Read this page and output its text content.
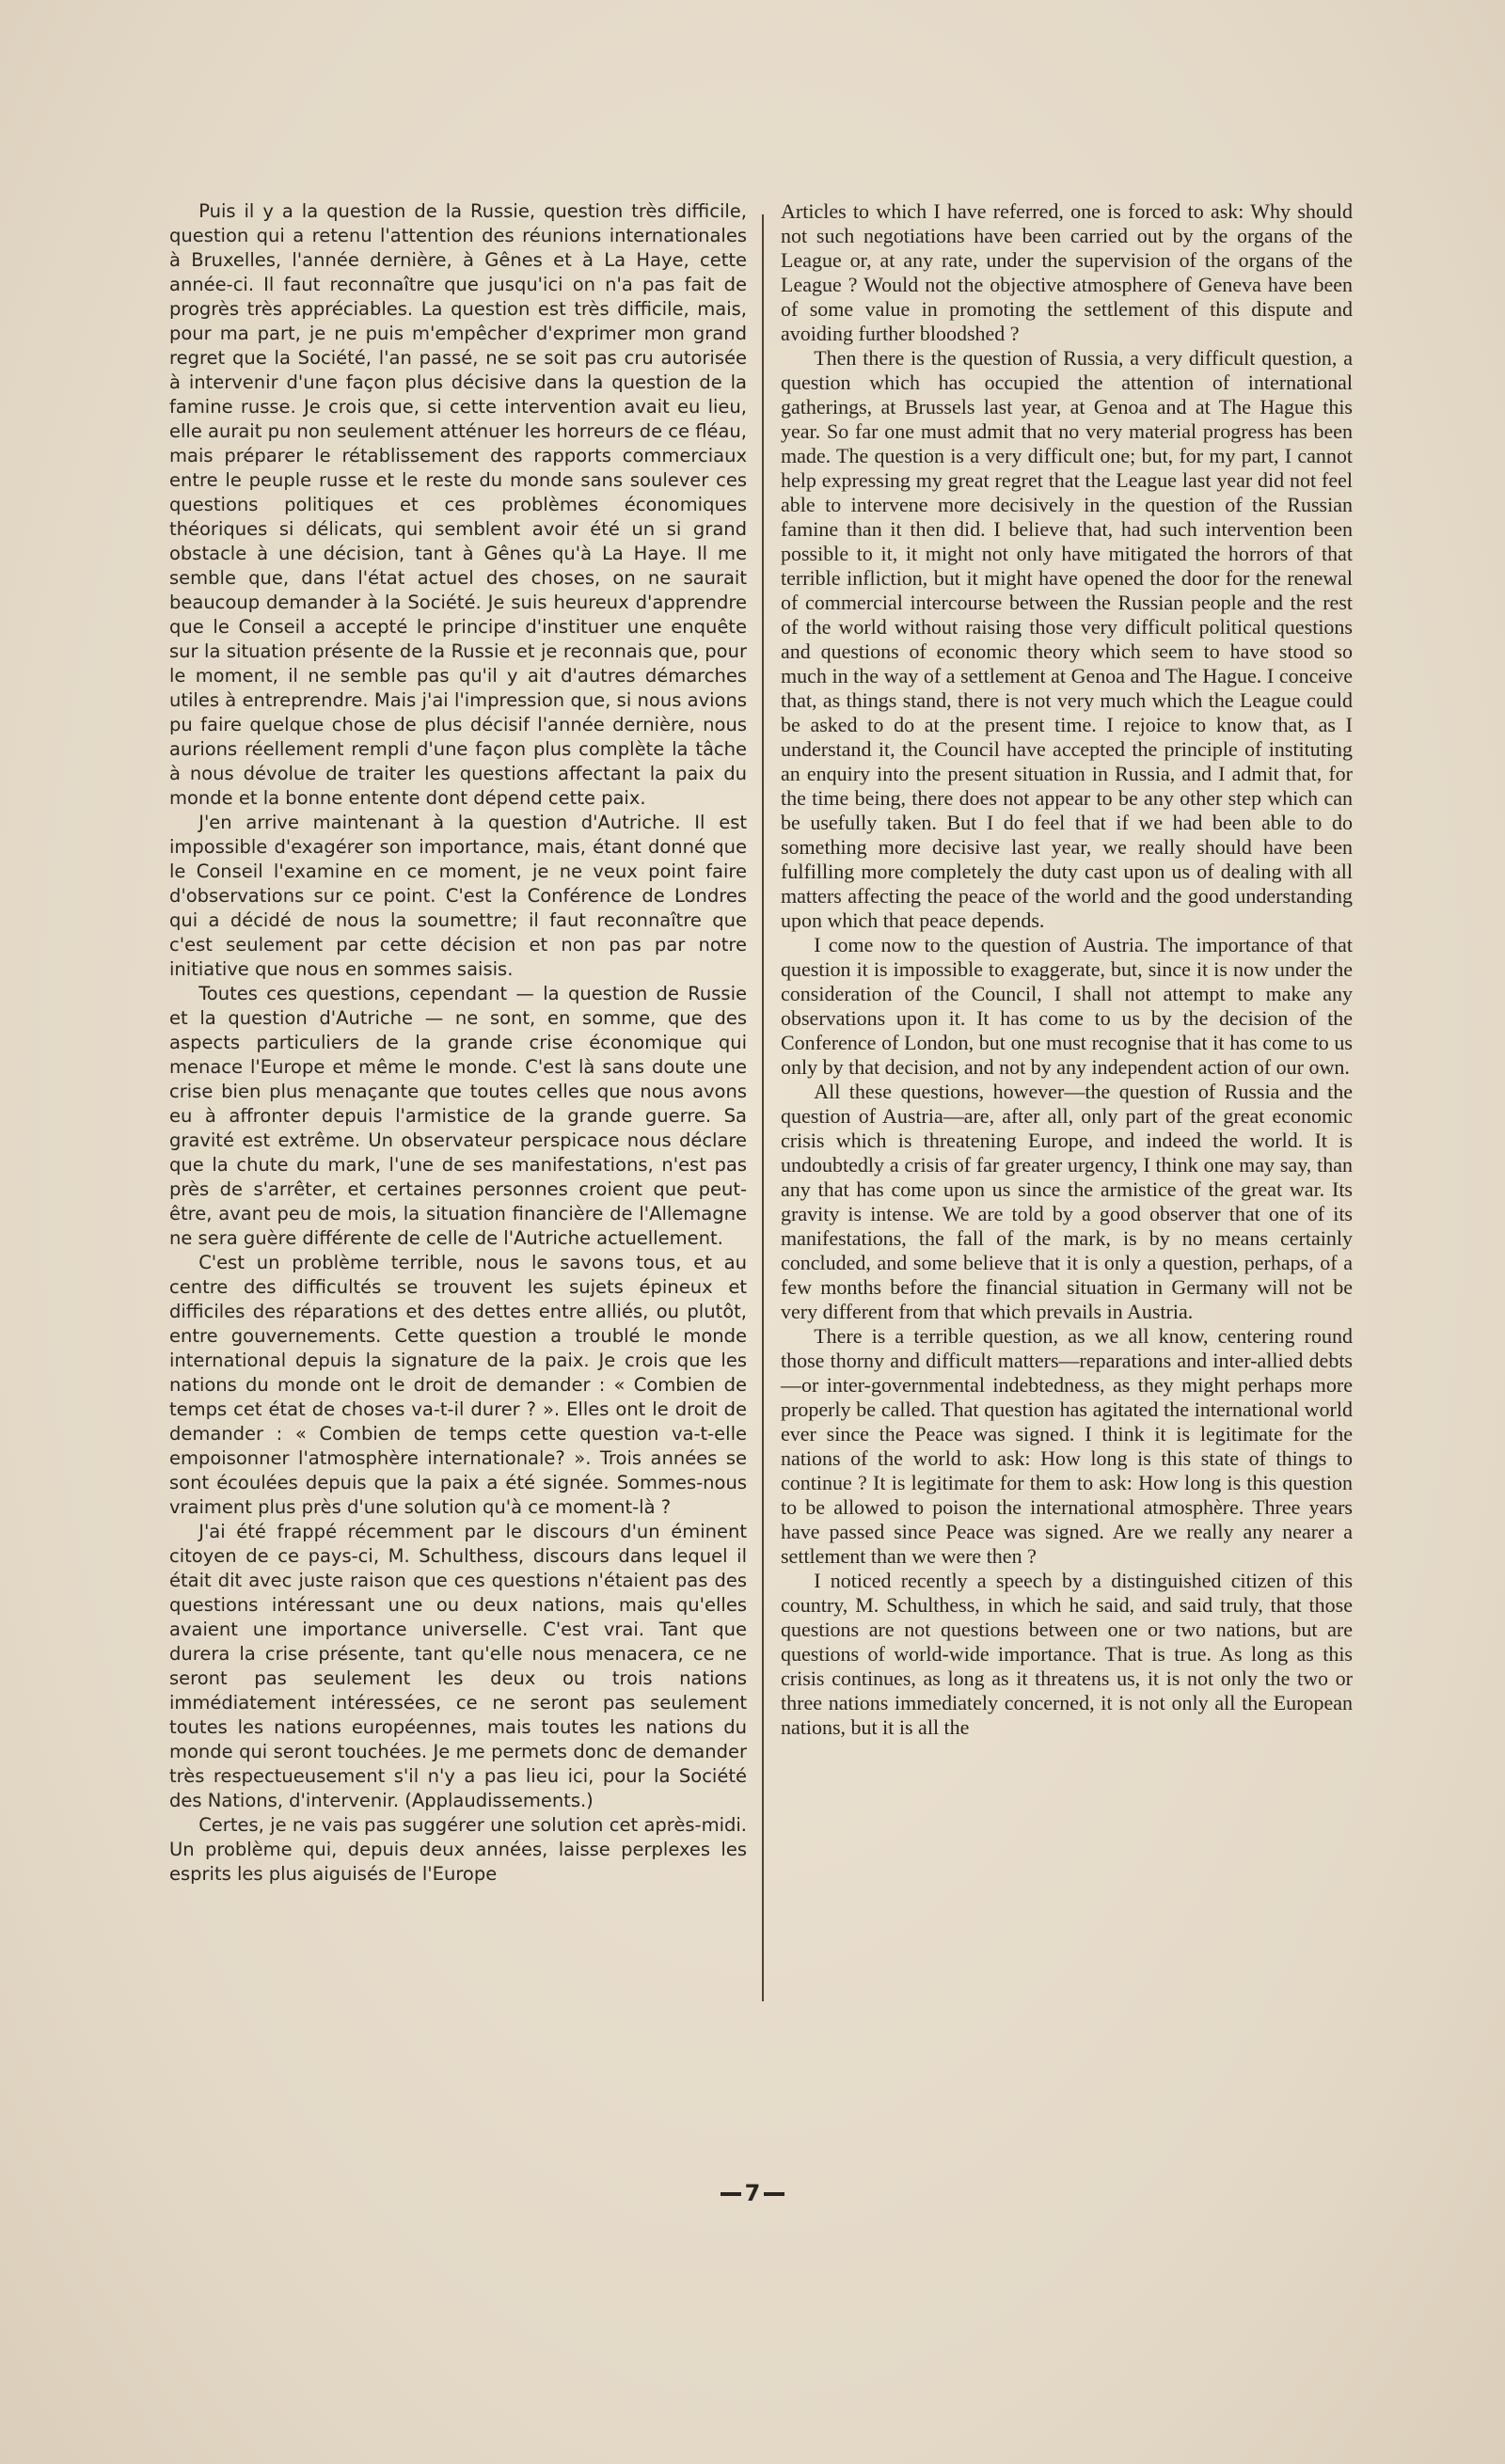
Puis il y a la question de la Russie, question très difficile, question qui a retenu l'attention des réunions internationales à Bruxelles, l'année dernière, à Gênes et à La Haye, cette année-ci. Il faut reconnaître que jusqu'ici on n'a pas fait de progrès très appréciables. La question est très difficile, mais, pour ma part, je ne puis m'empêcher d'exprimer mon grand regret que la Société, l'an passé, ne se soit pas cru autorisée à intervenir d'une façon plus décisive dans la question de la famine russe. Je crois que, si cette intervention avait eu lieu, elle aurait pu non seulement atténuer les horreurs de ce fléau, mais préparer le rétablissement des rapports commerciaux entre le peuple russe et le reste du monde sans soulever ces questions politiques et ces problèmes économiques théoriques si délicats, qui semblent avoir été un si grand obstacle à une décision, tant à Gênes qu'à La Haye. Il me semble que, dans l'état actuel des choses, on ne saurait beaucoup demander à la Société. Je suis heureux d'apprendre que le Conseil a accepté le principe d'instituer une enquête sur la situation présente de la Russie et je reconnais que, pour le moment, il ne semble pas qu'il y ait d'autres démarches utiles à entreprendre. Mais j'ai l'impression que, si nous avions pu faire quelque chose de plus décisif l'année dernière, nous aurions réellement rempli d'une façon plus complète la tâche à nous dévolue de traiter les questions affectant la paix du monde et la bonne entente dont dépend cette paix.

J'en arrive maintenant à la question d'Autriche. Il est impossible d'exagérer son importance, mais, étant donné que le Conseil l'examine en ce moment, je ne veux point faire d'observations sur ce point. C'est la Conférence de Londres qui a décidé de nous la soumettre; il faut reconnaître que c'est seulement par cette décision et non pas par notre initiative que nous en sommes saisis.

Toutes ces questions, cependant — la question de Russie et la question d'Autriche — ne sont, en somme, que des aspects particuliers de la grande crise économique qui menace l'Europe et même le monde. C'est là sans doute une crise bien plus menaçante que toutes celles que nous avons eu à affronter depuis l'armistice de la grande guerre. Sa gravité est extrême. Un observateur perspicace nous déclare que la chute du mark, l'une de ses manifestations, n'est pas près de s'arrêter, et certaines personnes croient que peut-être, avant peu de mois, la situation financière de l'Allemagne ne sera guère différente de celle de l'Autriche actuellement.

C'est un problème terrible, nous le savons tous, et au centre des difficultés se trouvent les sujets épineux et difficiles des réparations et des dettes entre alliés, ou plutôt, entre gouvernements. Cette question a troublé le monde international depuis la signature de la paix. Je crois que les nations du monde ont le droit de demander : « Combien de temps cet état de choses va-t-il durer ? ». Elles ont le droit de demander : « Combien de temps cette question va-t-elle empoisonner l'atmosphère internationale? ». Trois années se sont écoulées depuis que la paix a été signée. Sommes-nous vraiment plus près d'une solution qu'à ce moment-là ?

J'ai été frappé récemment par le discours d'un éminent citoyen de ce pays-ci, M. Schulthess, discours dans lequel il était dit avec juste raison que ces questions n'étaient pas des questions intéressant une ou deux nations, mais qu'elles avaient une importance universelle. C'est vrai. Tant que durera la crise présente, tant qu'elle nous menacera, ce ne seront pas seulement les deux ou trois nations immédiatement intéressées, ce ne seront pas seulement toutes les nations européennes, mais toutes les nations du monde qui seront touchées. Je me permets donc de demander très respectueusement s'il n'y a pas lieu ici, pour la Société des Nations, d'intervenir. (Applaudissements.)

Certes, je ne vais pas suggérer une solution cet après-midi. Un problème qui, depuis deux années, laisse perplexes les esprits les plus aiguisés de l'Europe

Articles to which I have referred, one is forced to ask: Why should not such negotiations have been carried out by the organs of the League or, at any rate, under the supervision of the organs of the League ? Would not the objective atmosphere of Geneva have been of some value in promoting the settlement of this dispute and avoiding further bloodshed ?

Then there is the question of Russia, a very difficult question, a question which has occupied the attention of international gatherings, at Brussels last year, at Genoa and at The Hague this year. So far one must admit that no very material progress has been made. The question is a very difficult one; but, for my part, I cannot help expressing my great regret that the League last year did not feel able to intervene more decisively in the question of the Russian famine than it then did. I believe that, had such intervention been possible to it, it might not only have mitigated the horrors of that terrible infliction, but it might have opened the door for the renewal of commercial intercourse between the Russian people and the rest of the world without raising those very difficult political questions and questions of economic theory which seem to have stood so much in the way of a settlement at Genoa and The Hague. I conceive that, as things stand, there is not very much which the League could be asked to do at the present time. I rejoice to know that, as I understand it, the Council have accepted the principle of instituting an enquiry into the present situation in Russia, and I admit that, for the time being, there does not appear to be any other step which can be usefully taken. But I do feel that if we had been able to do something more decisive last year, we really should have been fulfilling more completely the duty cast upon us of dealing with all matters affecting the peace of the world and the good understanding upon which that peace depends.

I come now to the question of Austria. The importance of that question it is impossible to exaggerate, but, since it is now under the consideration of the Council, I shall not attempt to make any observations upon it. It has come to us by the decision of the Conference of London, but one must recognise that it has come to us only by that decision, and not by any independent action of our own.

All these questions, however—the question of Russia and the question of Austria—are, after all, only part of the great economic crisis which is threatening Europe, and indeed the world. It is undoubtedly a crisis of far greater urgency, I think one may say, than any that has come upon us since the armistice of the great war. Its gravity is intense. We are told by a good observer that one of its manifestations, the fall of the mark, is by no means certainly concluded, and some believe that it is only a question, perhaps, of a few months before the financial situation in Germany will not be very different from that which prevails in Austria.

There is a terrible question, as we all know, centering round those thorny and difficult matters—reparations and inter-allied debts—or inter-governmental indebtedness, as they might perhaps more properly be called. That question has agitated the international world ever since the Peace was signed. I think it is legitimate for the nations of the world to ask: How long is this state of things to continue ? It is legitimate for them to ask: How long is this question to be allowed to poison the international atmosphère. Three years have passed since Peace was signed. Are we really any nearer a settlement than we were then ?

I noticed recently a speech by a distinguished citizen of this country, M. Schulthess, in which he said, and said truly, that those questions are not questions between one or two nations, but are questions of world-wide importance. That is true. As long as this crisis continues, as long as it threatens us, it is not only the two or three nations immediately concerned, it is not only all the European nations, but it is all the

7
